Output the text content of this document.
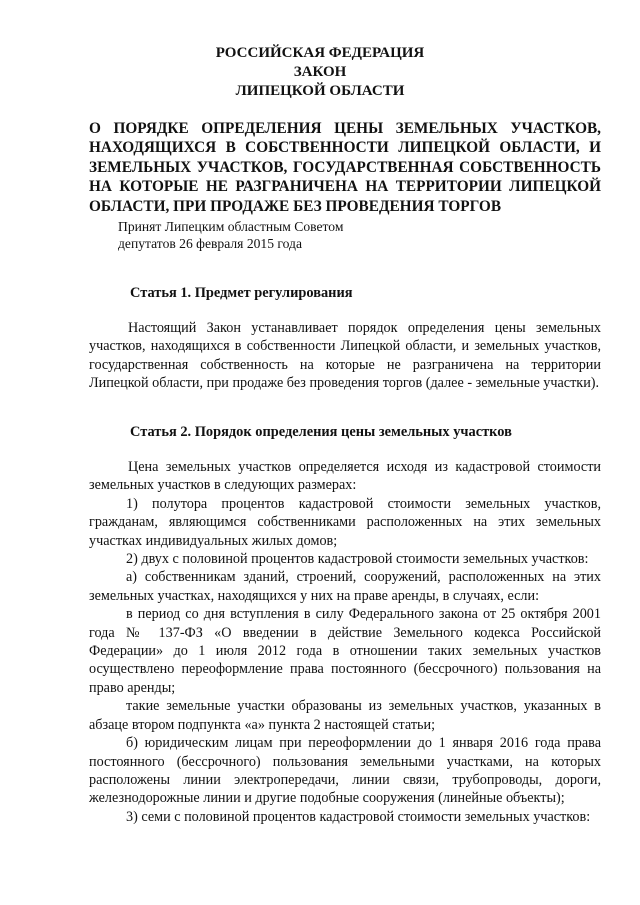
РОССИЙСКАЯ ФЕДЕРАЦИЯ

ЗАКОН

ЛИПЕЦКОЙ ОБЛАСТИ

О ПОРЯДКЕ ОПРЕДЕЛЕНИЯ ЦЕНЫ ЗЕМЕЛЬНЫХ УЧАСТКОВ, НАХОДЯЩИХСЯ В СОБСТВЕННОСТИ ЛИПЕЦКОЙ ОБЛАСТИ, И ЗЕМЕЛЬНЫХ УЧАСТКОВ, ГОСУДАРСТВЕННАЯ СОБСТВЕННОСТЬ НА КОТОРЫЕ НЕ РАЗГРАНИЧЕНА НА ТЕРРИТОРИИ ЛИПЕЦКОЙ ОБЛАСТИ, ПРИ ПРОДАЖЕ БЕЗ ПРОВЕДЕНИЯ ТОРГОВ

Принят Липецким областным Советом
депутатов 26 февраля 2015 года

Статья 1. Предмет регулирования

Настоящий Закон устанавливает порядок определения цены земельных участков, находящихся в собственности Липецкой области, и земельных участков, государственная собственность на которые не разграничена на территории Липецкой области, при продаже без проведения торгов (далее - земельные участки).

Статья 2. Порядок определения цены земельных участков

Цена земельных участков определяется исходя из кадастровой стоимости земельных участков в следующих размерах:

1) полутора процентов кадастровой стоимости земельных участков, гражданам, являющимся собственниками расположенных на этих земельных участках индивидуальных жилых домов;

2) двух с половиной процентов кадастровой стоимости земельных участков:

а) собственникам зданий, строений, сооружений, расположенных на этих земельных участках, находящихся у них на праве аренды, в случаях, если:

в период со дня вступления в силу Федерального закона от 25 октября 2001 года № 137-ФЗ «О введении в действие Земельного кодекса Российской Федерации» до 1 июля 2012 года в отношении таких земельных участков осуществлено переоформление права постоянного (бессрочного) пользования на право аренды;

такие земельные участки образованы из земельных участков, указанных в абзаце втором подпункта «а» пункта 2 настоящей статьи;

б) юридическим лицам при переоформлении до 1 января 2016 года права постоянного (бессрочного) пользования земельными участками, на которых расположены линии электропередачи, линии связи, трубопроводы, дороги, железнодорожные линии и другие подобные сооружения (линейные объекты);

3) семи с половиной процентов кадастровой стоимости земельных участков:
